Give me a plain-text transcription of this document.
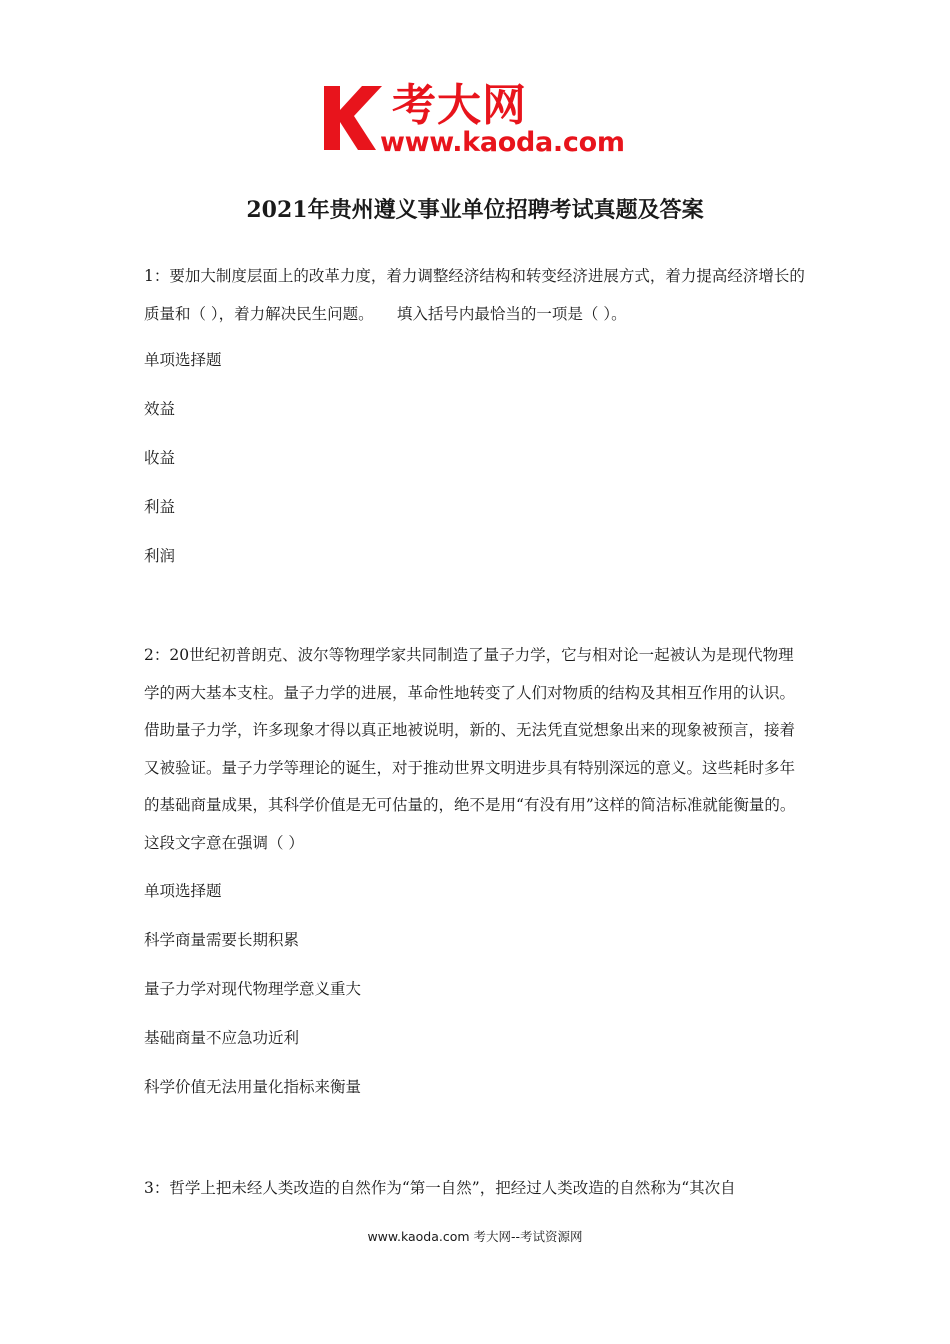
考大网
www.kaoda.com
2021年贵州遵义事业单位招聘考试真题及答案

1：要加大制度层面上的改革力度，着力调整经济结构和转变经济进展方式，着力提高经济增长的质量和（ ），着力解决民生问题。　　填入括号内最恰当的一项是（ ）。

单项选择题
效益
收益
利益
利润

2：20世纪初普朗克、波尔等物理学家共同制造了量子力学，它与相对论一起被认为是现代物理学的两大基本支柱。量子力学的进展，革命性地转变了人们对物质的结构及其相互作用的认识。借助量子力学，许多现象才得以真正地被说明，新的、无法凭直觉想象出来的现象被预言，接着又被验证。量子力学等理论的诞生，对于推动世界文明进步具有特别深远的意义。这些耗时多年的基础商量成果，其科学价值是无可估量的，绝不是用“有没有用”这样的简洁标准就能衡量的。这段文字意在强调（ ）

单项选择题
科学商量需要长期积累
量子力学对现代物理学意义重大
基础商量不应急功近利
科学价值无法用量化指标来衡量
3：哲学上把未经人类改造的自然作为“第一自然”，把经过人类改造的自然称为“其次自
www.kaoda.com 考大网--考试资源网
